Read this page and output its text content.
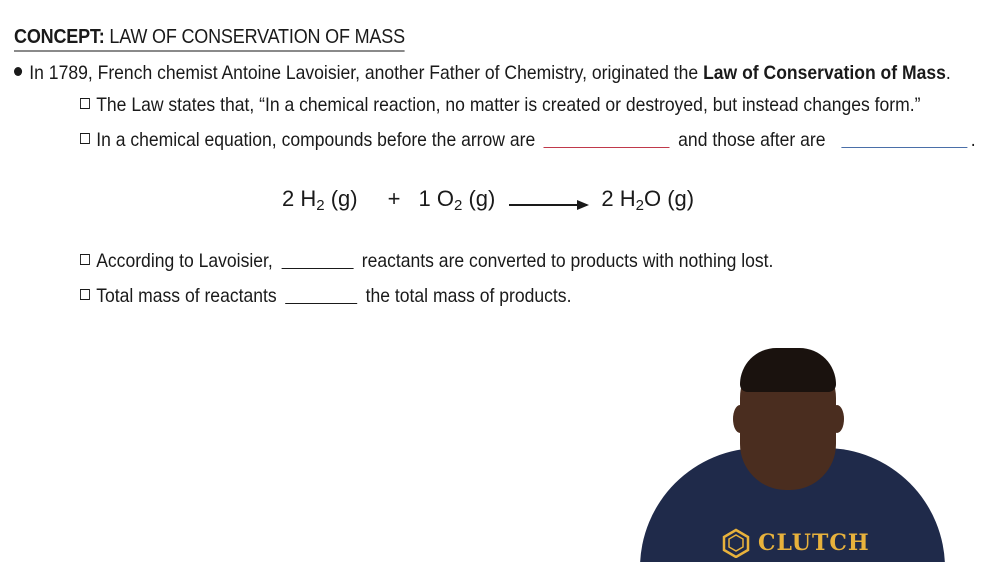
CONCEPT: LAW OF CONSERVATION OF MASS
In 1789, French chemist Antoine Lavoisier, another Father of Chemistry, originated the Law of Conservation of Mass.
The Law states that, “In a chemical reaction, no matter is created or destroyed, but instead changes form.”
In a chemical equation, compounds before the arrow are	and those after are	.
2 $H_2$ (g) + 1 $O_2$ (g) → 2 $H_2O$ (g)
According to Lavoisier,	reactants are converted to products with nothing lost.
Total mass of reactants	the total mass of products.
CLUTCH
